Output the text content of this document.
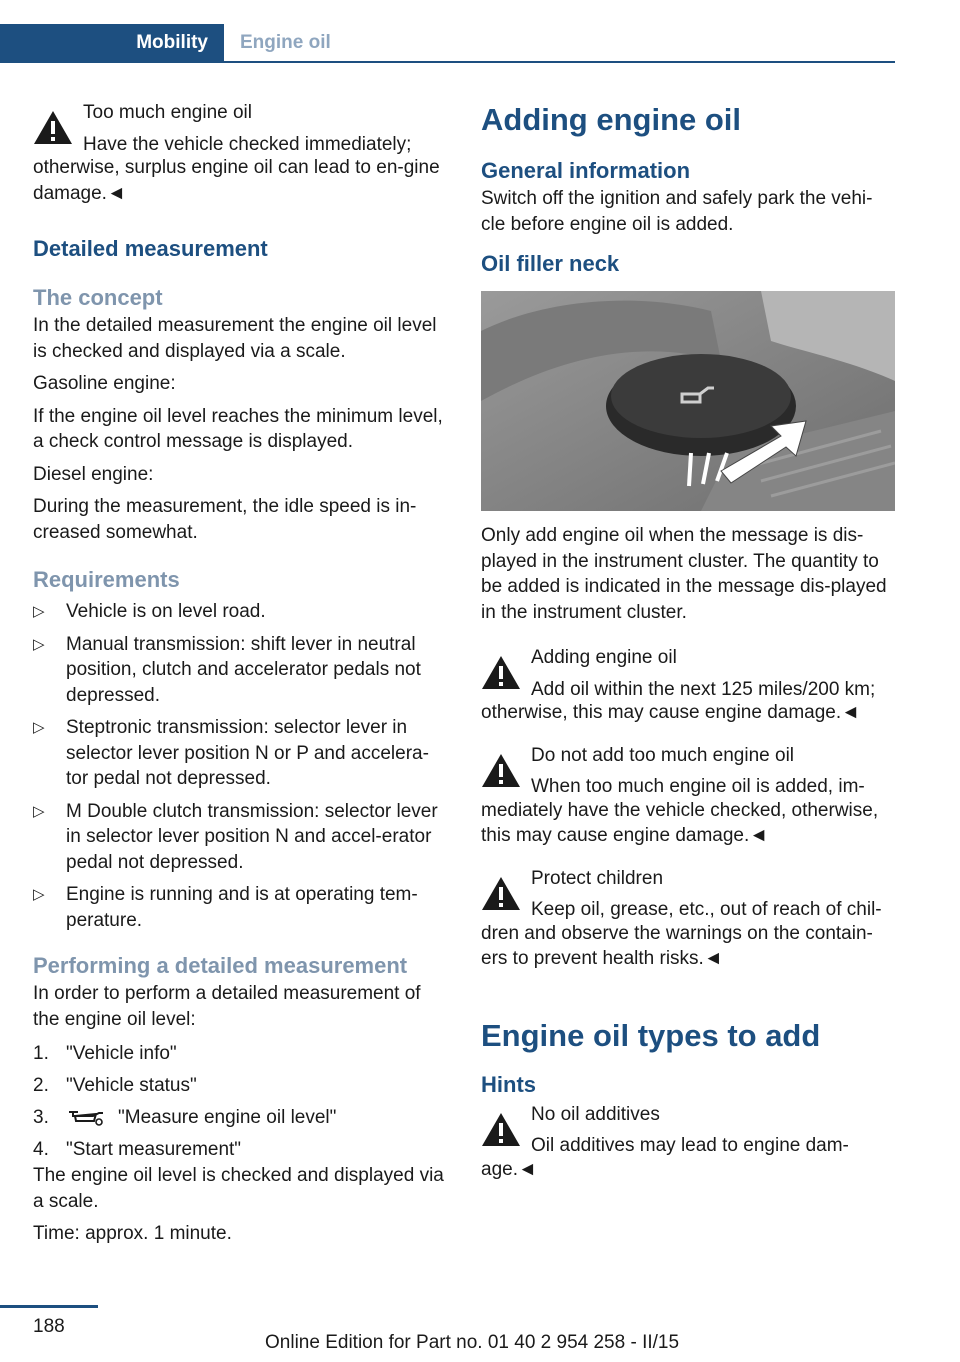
Mobility	Engine oil
Too much engine oil
Have the vehicle checked immediately;

otherwise, surplus engine oil can lead to en-gine damage.◄

Detailed measurement
The concept

In the detailed measurement the engine oil level is checked and displayed via a scale.

Gasoline engine:

If the engine oil level reaches the minimum level, a check control message is displayed.

Diesel engine:

During the measurement, the idle speed is in-creased somewhat.

Requirements
▷ Vehicle is on level road.
▷ Manual transmission: shift lever in neutral position, clutch and accelerator pedals not depressed.
▷ Steptronic transmission: selector lever in selector lever position N or P and accelera-tor pedal not depressed.
▷ M Double clutch transmission: selector lever in selector lever position N and accel-erator pedal not depressed.
▷ Engine is running and is at operating tem-perature.
Performing a detailed measurement

In order to perform a detailed measurement of the engine oil level:

1. "Vehicle info"
2. "Vehicle status"
3.	"Measure engine oil level"
4. "Start measurement"

The engine oil level is checked and displayed via a scale.

Time: approx. 1 minute.

Adding engine oil
General information

Switch off the ignition and safely park the vehi-cle before engine oil is added.

Oil filler neck

Only add engine oil when the message is dis-played in the instrument cluster. The quantity to be added is indicated in the message dis-played in the instrument cluster.

Adding engine oil
Add oil within the next 125 miles/200 km;

otherwise, this may cause engine damage.◄

Do not add too much engine oil
When too much engine oil is added, im-

mediately have the vehicle checked, otherwise, this may cause engine damage.◄

Protect children
Keep oil, grease, etc., out of reach of chil-

dren and observe the warnings on the contain-ers to prevent health risks.◄

Engine oil types to add
Hints
No oil additives
Oil additives may lead to engine dam-

age.◄

188
Online Edition for Part no. 01 40 2 954 258 - II/15
